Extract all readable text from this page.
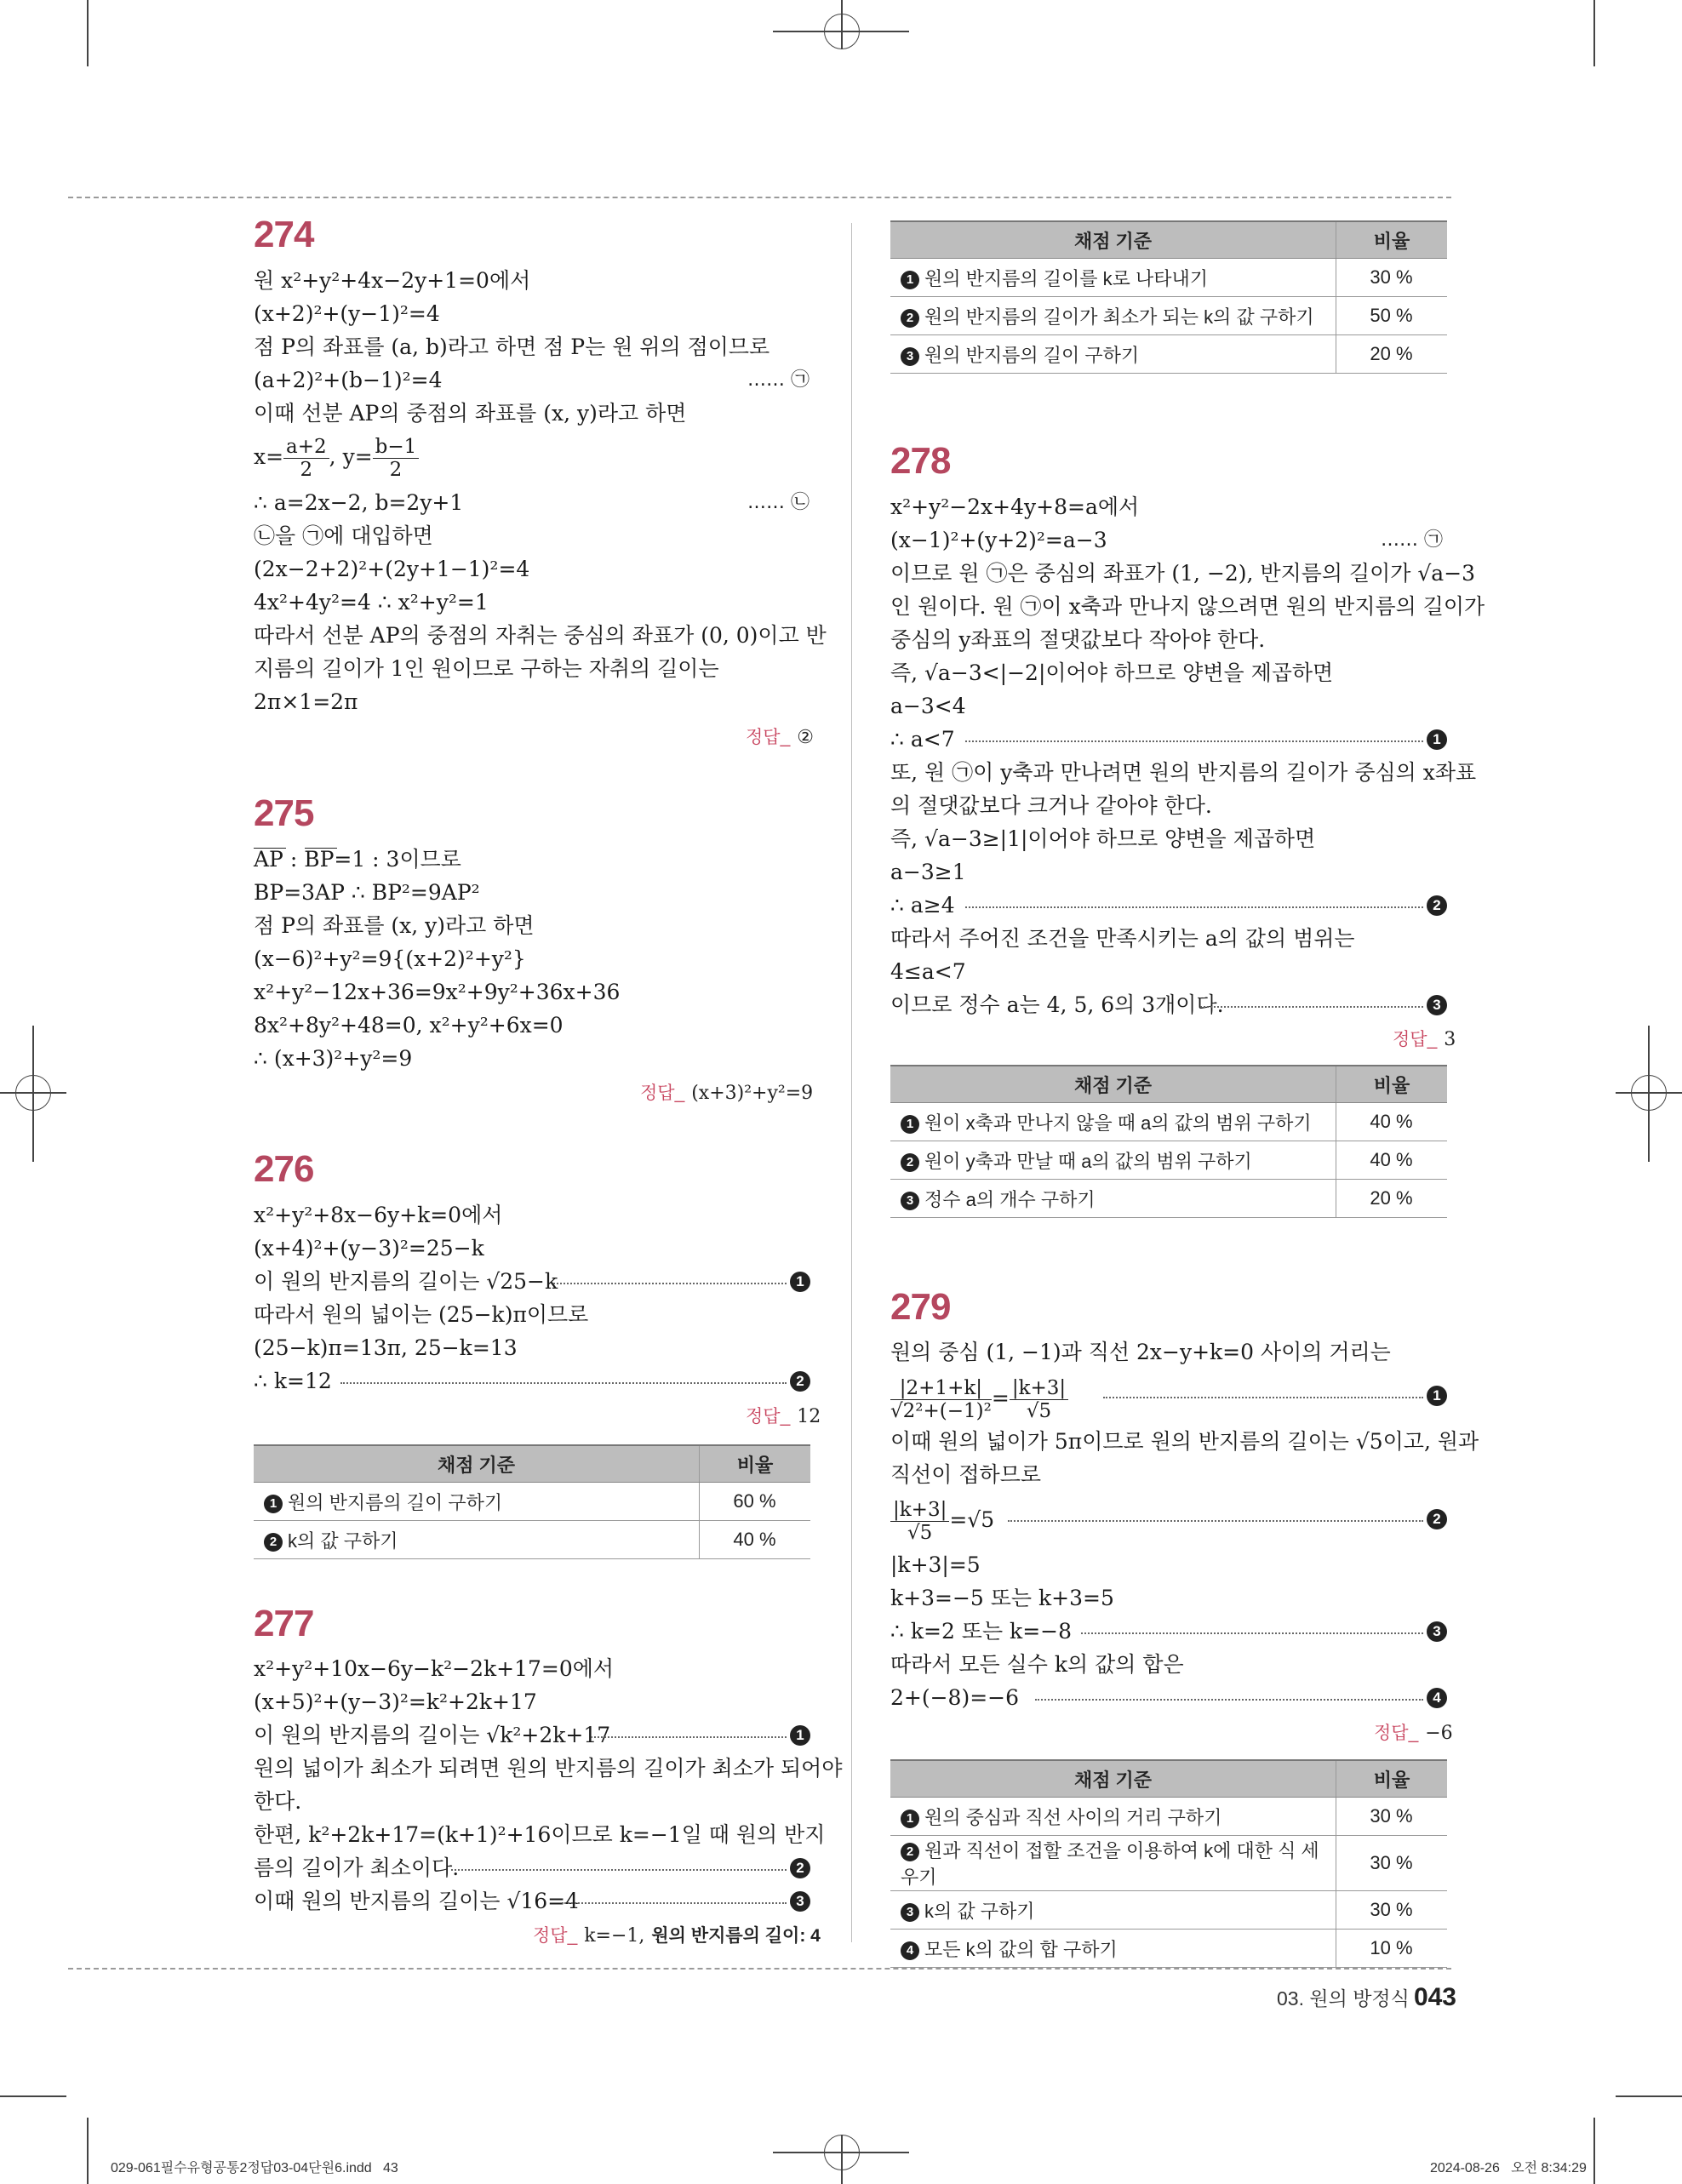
274
원 x²+y²+4x−2y+1=0에서
(x+2)²+(y−1)²=4
점 P의 좌표를 (a, b)라고 하면 점 P는 원 위의 점이므로
(a+2)²+(b−1)²=4	…… ㉠
이때 선분 AP의 중점의 좌표를 (x, y)라고 하면
$x= \frac{a+2}{2}$ , $y= \frac{b-1}{2}$
∴ a=2x−2, b=2y+1	…… ㉡
㉡을 ㉠에 대입하면
(2x−2+2)²+(2y+1−1)²=4
4x²+4y²=4 ∴ x²+y²=1
따라서 선분 AP의 중점의 자취는 중심의 좌표가 (0, 0)이고 반
지름의 길이가 1인 원이므로 구하는 자취의 길이는
2π×1=2π
정답_ ②
275
AP : BP=1 : 3이므로
BP=3AP ∴ BP²=9AP²
점 P의 좌표를 (x, y)라고 하면
(x−6)²+y²=9{(x+2)²+y²}
x²+y²−12x+36=9x²+9y²+36x+36
8x²+8y²+48=0, x²+y²+6x=0
∴ (x+3)²+y²=9
정답_ (x+3)²+y²=9
276
x²+y²+8x−6y+k=0에서
(x+4)²+(y−3)²=25−k
이 원의 반지름의 길이는 √25−k	1
따라서 원의 넓이는 (25−k)π이므로
(25−k)π=13π, 25−k=13
∴ k=12	2
정답_ 12
채점 기준	비율
1 원의 반지름의 길이 구하기	60 %
2 k의 값 구하기	40 %
277
x²+y²+10x−6y−k²−2k+17=0에서
(x+5)²+(y−3)²=k²+2k+17
이 원의 반지름의 길이는 √k²+2k+17	1
원의 넓이가 최소가 되려면 원의 반지름의 길이가 최소가 되어야
한다.
한편, k²+2k+17=(k+1)²+16이므로 k=−1일 때 원의 반지
름의 길이가 최소이다.	2
이때 원의 반지름의 길이는 √16=4	3
정답_ k=−1, 원의 반지름의 길이: 4
채점 기준	비율
1 원의 반지름의 길이를 k로 나타내기	30 %
2 원의 반지름의 길이가 최소가 되는 k의 값 구하기	50 %
3 원의 반지름의 길이 구하기	20 %
278
x²+y²−2x+4y+8=a에서
(x−1)²+(y+2)²=a−3	…… ㉠
이므로 원 ㉠은 중심의 좌표가 (1, −2), 반지름의 길이가 √a−3
인 원이다. 원 ㉠이 x축과 만나지 않으려면 원의 반지름의 길이가
중심의 y좌표의 절댓값보다 작아야 한다.
즉, √a−3<|−2|이어야 하므로 양변을 제곱하면
a−3<4
∴ a<7	1
또, 원 ㉠이 y축과 만나려면 원의 반지름의 길이가 중심의 x좌표
의 절댓값보다 크거나 같아야 한다.
즉, √a−3≥|1|이어야 하므로 양변을 제곱하면
a−3≥1
∴ a≥4	2
따라서 주어진 조건을 만족시키는 a의 값의 범위는
4≤a<7
이므로 정수 a는 4, 5, 6의 3개이다.	3
정답_ 3
채점 기준	비율
1 원이 x축과 만나지 않을 때 a의 값의 범위 구하기	40 %
2 원이 y축과 만날 때 a의 값의 범위 구하기	40 %
3 정수 a의 개수 구하기	20 %
279
원의 중심 (1, −1)과 직선 2x−y+k=0 사이의 거리는
$\frac{|2+1+k|}{\text{√2²+(−1)²}} = \frac{|k+3|}{√5}$	1
이때 원의 넓이가 5π이므로 원의 반지름의 길이는 √5이고, 원과
직선이 접하므로
$\frac{|k+3|}{√5} =√5$	2
|k+3|=5
k+3=−5 또는 k+3=5
∴ k=2 또는 k=−8	3
따라서 모든 실수 k의 값의 합은
2+(−8)=−6	4
정답_ −6
채점 기준	비율
1 원의 중심과 직선 사이의 거리 구하기	30 %
2 원과 직선이 접할 조건을 이용하여 k에 대한 식 세우기	30 %
3 k의 값 구하기	30 %
4 모든 k의 값의 합 구하기	10 %
03. 원의 방정식 043
029-061필수유형공통2정답03-04단원6.indd   43	2024-08-26   오전 8:34:29
